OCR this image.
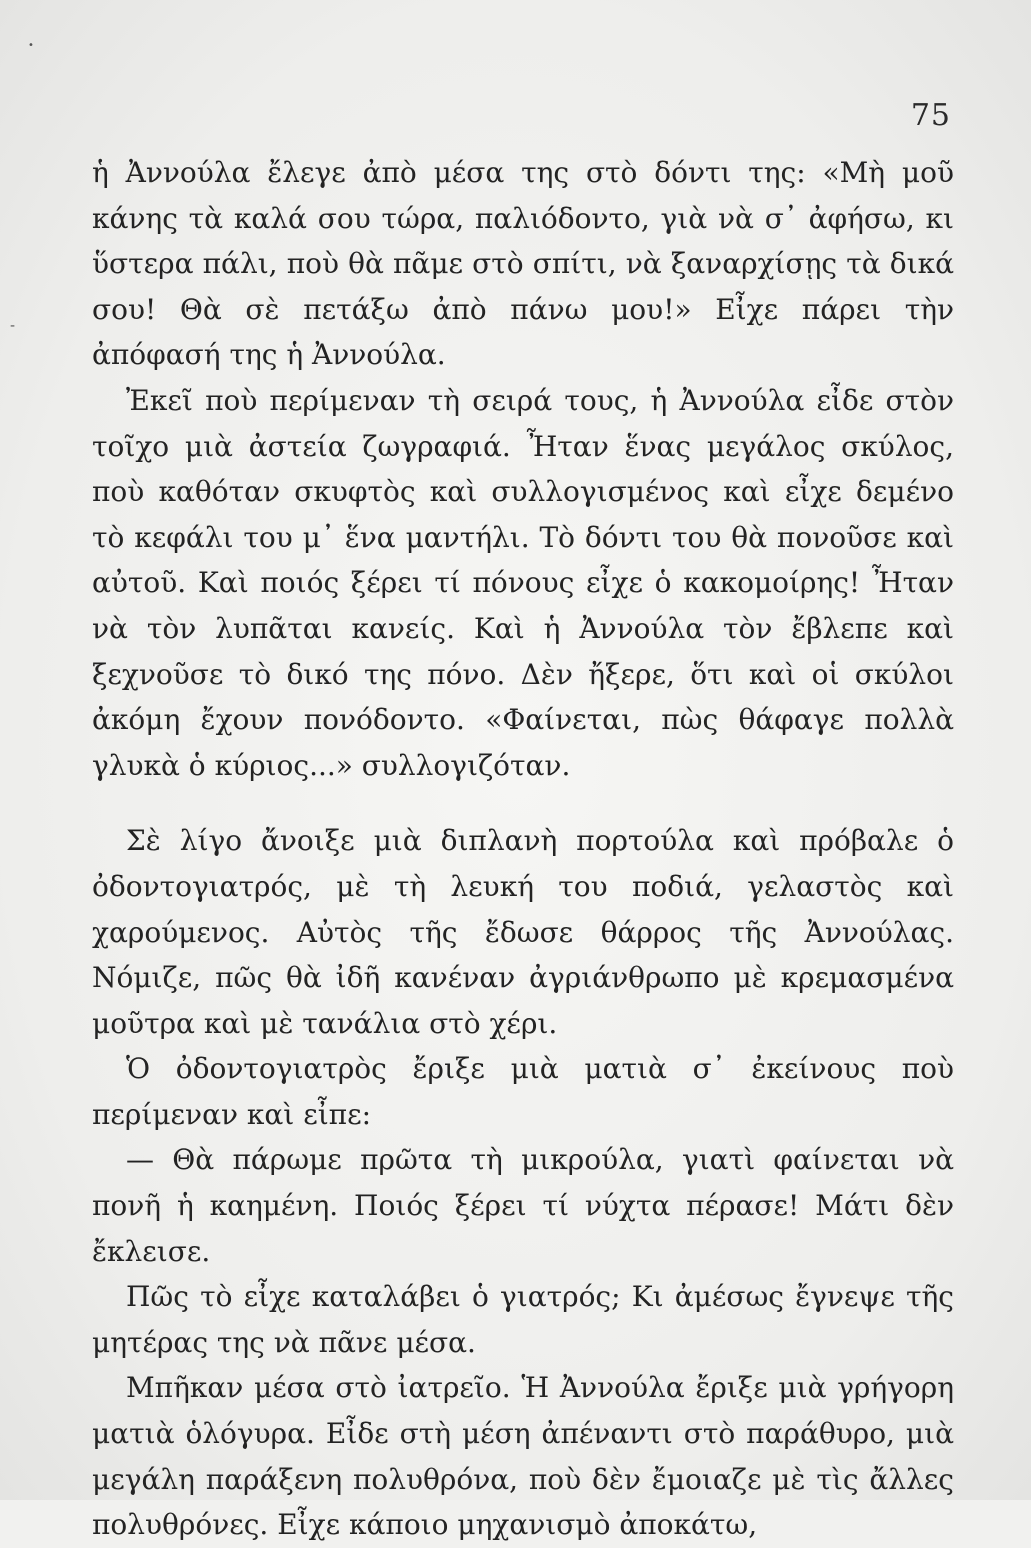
75

ἡ Ἀννούλα ἔλεγε ἀπὸ μέσα της στὸ δόντι της: «Μὴ μοῦ κάνης τὰ καλά σου τώρα, παλιόδοντο, γιὰ νὰ σ᾽ ἀφήσω, κι ὕστερα πάλι, ποὺ θὰ πᾶμε στὸ σπίτι, νὰ ξαναρχίσῃς τὰ δικά σου! Θὰ σὲ πετάξω ἀπὸ πάνω μου!» Εἶχε πάρει τὴν ἀπόφασή της ἡ Ἀννούλα.

Ἐκεῖ ποὺ περίμεναν τὴ σειρά τους, ἡ Ἀννούλα εἶδε στὸν τοῖχο μιὰ ἀστεία ζωγραφιά. Ἦταν ἕνας μεγάλος σκύλος, ποὺ καθόταν σκυφτὸς καὶ συλλογισμένος καὶ εἶχε δεμένο τὸ κεφάλι του μ᾽ ἕνα μαντήλι. Τὸ δόντι του θὰ πονοῦσε καὶ αὐτοῦ. Καὶ ποιός ξέρει τί πόνους εἶχε ὁ κακομοίρης! Ἦταν νὰ τὸν λυπᾶται κανείς. Καὶ ἡ Ἀννούλα τὸν ἔβλεπε καὶ ξεχνοῦσε τὸ δικό της πόνο. Δὲν ἤξερε, ὅτι καὶ οἱ σκύλοι ἀκόμη ἔχουν πονόδοντο. «Φαίνεται, πὼς θάφαγε πολλὰ γλυκὰ ὁ κύριος...» συλλογιζόταν.

Σὲ λίγο ἄνοιξε μιὰ διπλανὴ πορτούλα καὶ πρόβαλε ὁ ὀδοντογιατρός, μὲ τὴ λευκή του ποδιά, γελαστὸς καὶ χαρούμενος. Αὐτὸς τῆς ἔδωσε θάρρος τῆς Ἀννούλας. Νόμιζε, πῶς θὰ ἰδῆ κανέναν ἀγριάνθρωπο μὲ κρεμασμένα μοῦτρα καὶ μὲ τανάλια στὸ χέρι.

Ὁ ὀδοντογιατρὸς ἔριξε μιὰ ματιὰ σ᾽ ἐκείνους ποὺ περίμεναν καὶ εἶπε:

— Θὰ πάρωμε πρῶτα τὴ μικρούλα, γιατὶ φαίνεται νὰ πονῆ ἡ καημένη. Ποιός ξέρει τί νύχτα πέρασε! Μάτι δὲν ἔκλεισε.

Πῶς τὸ εἶχε καταλάβει ὁ γιατρός; Κι ἀμέσως ἔγνεψε τῆς μητέρας της νὰ πᾶνε μέσα.

Μπῆκαν μέσα στὸ ἰατρεῖο. Ἡ Ἀννούλα ἔριξε μιὰ γρήγορη ματιὰ ὁλόγυρα. Εἶδε στὴ μέση ἀπέναντι στὸ παράθυρο, μιὰ μεγάλη παράξενη πολυθρόνα, ποὺ δὲν ἔμοιαζε μὲ τὶς ἄλλες πολυθρόνες. Εἶχε κάποιο μηχανισμὸ ἀποκάτω,

•
-
